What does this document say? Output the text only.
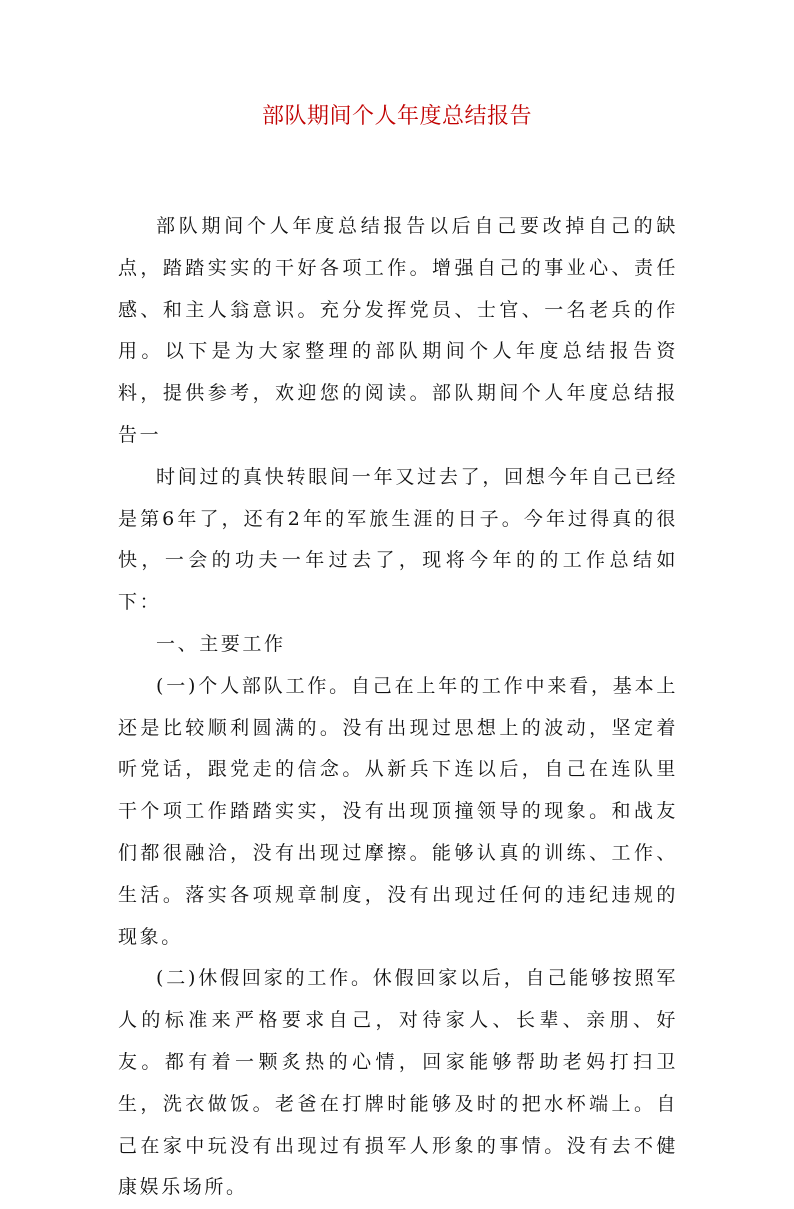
部队期间个人年度总结报告

部队期间个人年度总结报告以后自己要改掉自己的缺点，踏踏实实的干好各项工作。增强自己的事业心、责任感、和主人翁意识。充分发挥党员、士官、一名老兵的作用。以下是为大家整理的部队期间个人年度总结报告资料，提供参考，欢迎您的阅读。部队期间个人年度总结报告一

时间过的真快转眼间一年又过去了，回想今年自己已经是第6年了，还有2年的军旅生涯的日子。今年过得真的很快，一会的功夫一年过去了，现将今年的的工作总结如下：

一、主要工作

(一)个人部队工作。自己在上年的工作中来看，基本上还是比较顺利圆满的。没有出现过思想上的波动，坚定着听党话，跟党走的信念。从新兵下连以后，自己在连队里干个项工作踏踏实实，没有出现顶撞领导的现象。和战友们都很融洽，没有出现过摩擦。能够认真的训练、工作、生活。落实各项规章制度，没有出现过任何的违纪违规的现象。

(二)休假回家的工作。休假回家以后，自己能够按照军人的标准来严格要求自己，对待家人、长辈、亲朋、好友。都有着一颗炙热的心情，回家能够帮助老妈打扫卫生，洗衣做饭。老爸在打牌时能够及时的把水杯端上。自己在家中玩没有出现过有损军人形象的事情。没有去不健康娱乐场所。
